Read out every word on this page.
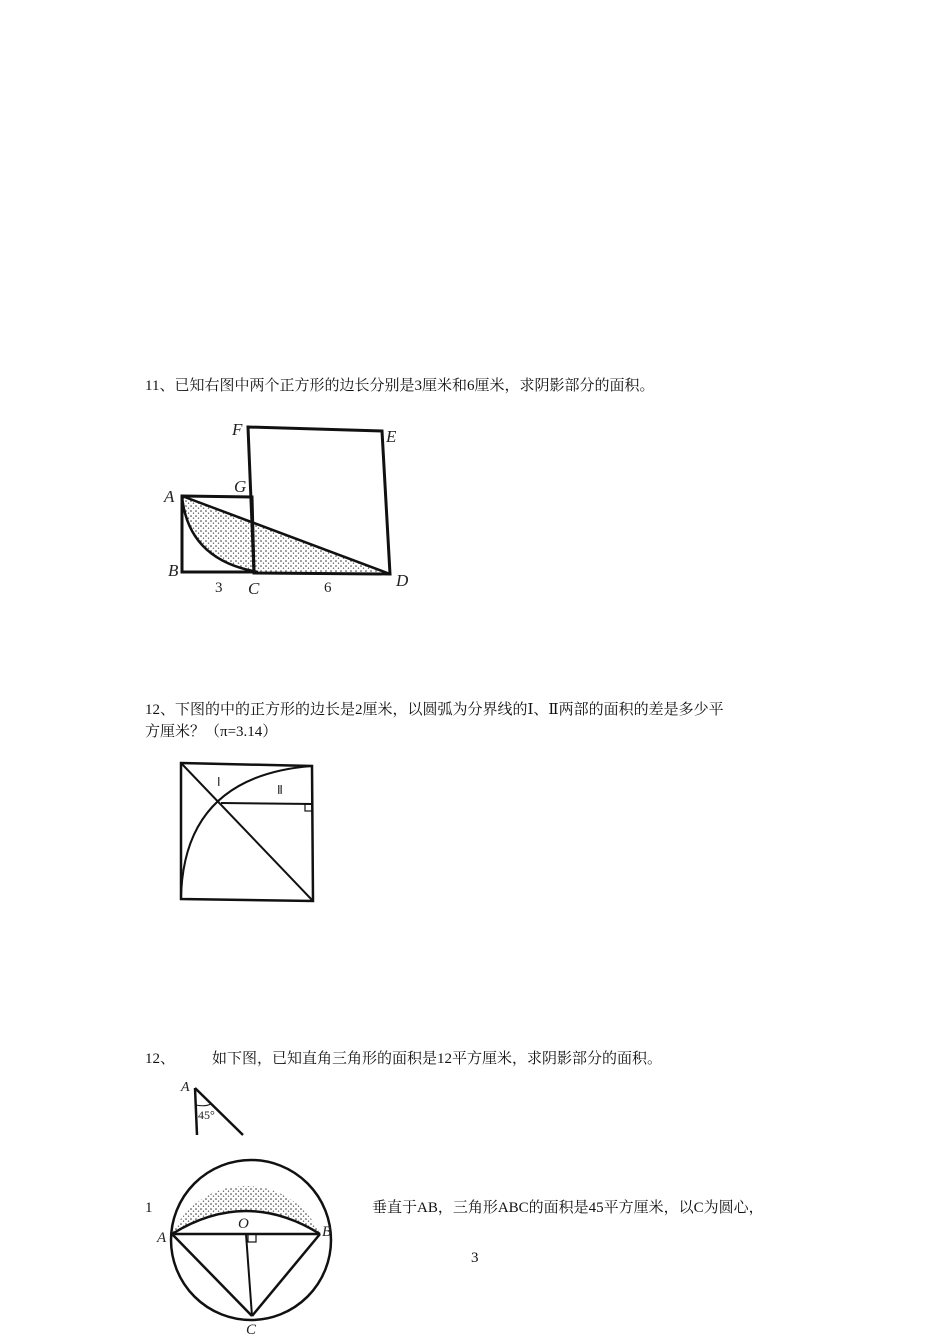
11、已知右图中两个正方形的边长分别是3厘米和6厘米，求阴影部分的面积。
F	E
G
A
B
C	D
3	6
12、下图的中的正方形的边长是2厘米，以圆弧为分界线的Ⅰ、Ⅱ两部的面积的差是多少平
方厘米？（π=3.14）
Ⅰ
Ⅱ
12、 如下图，已知直角三角形的面积是12平方厘米，求阴影部分的面积。
A
45°
1	垂直于AB，三角形ABC的面积是45平方厘米，以C为圆心，
A	B
O
C
3
